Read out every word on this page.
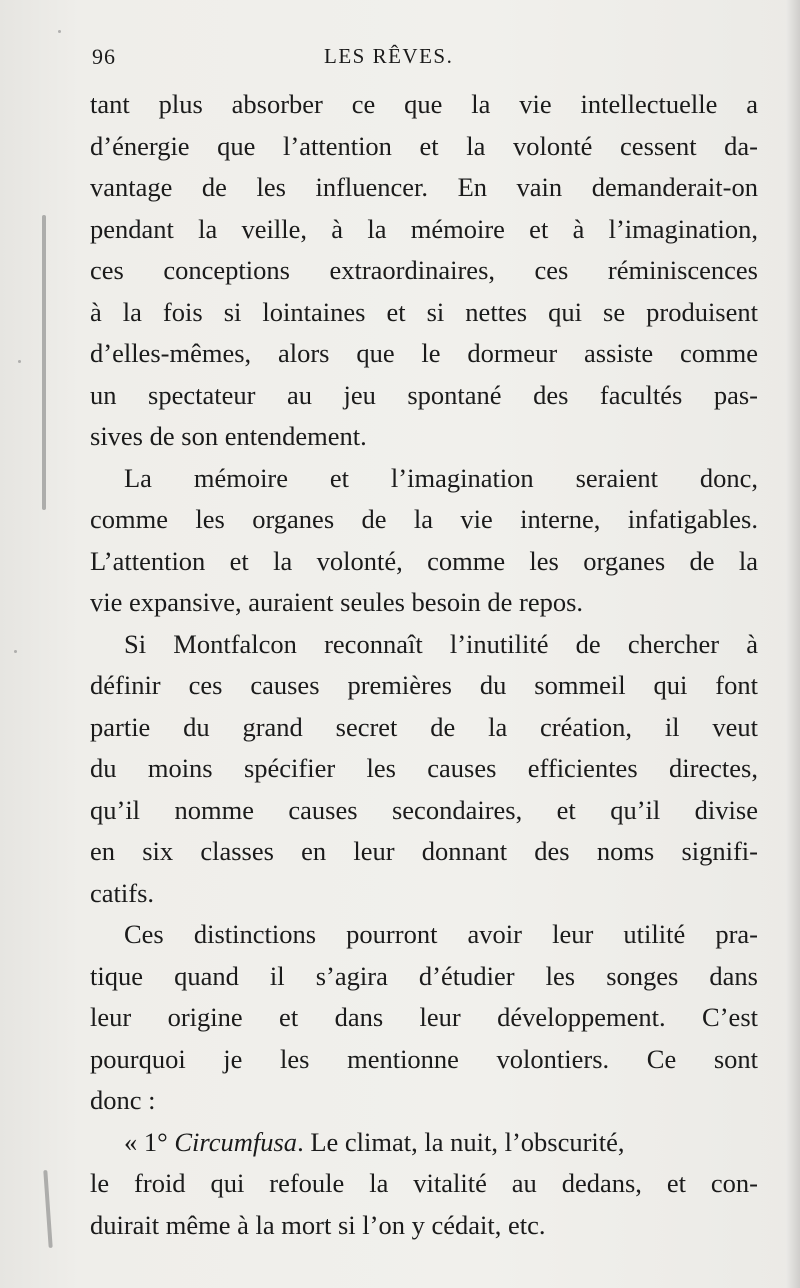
96	LES RÊVES.
tant plus absorber ce que la vie intellectuelle a
d’énergie que l’attention et la volonté cessent da-
vantage de les influencer. En vain demanderait-on
pendant la veille, à la mémoire et à l’imagination,
ces conceptions extraordinaires, ces réminiscences
à la fois si lointaines et si nettes qui se produisent
d’elles-mêmes, alors que le dormeur assiste comme
un spectateur au jeu spontané des facultés pas-
sives de son entendement.
La mémoire et l’imagination seraient donc,
comme les organes de la vie interne, infatigables.
L’attention et la volonté, comme les organes de la
vie expansive, auraient seules besoin de repos.
Si Montfalcon reconnaît l’inutilité de chercher à
définir ces causes premières du sommeil qui font
partie du grand secret de la création, il veut
du moins spécifier les causes efficientes directes,
qu’il nomme causes secondaires, et qu’il divise
en six classes en leur donnant des noms signifi-
catifs.
Ces distinctions pourront avoir leur utilité pra-
tique quand il s’agira d’étudier les songes dans
leur origine et dans leur développement. C’est
pourquoi je les mentionne volontiers. Ce sont
donc :
« 1° Circumfusa. Le climat, la nuit, l’obscurité,
le froid qui refoule la vitalité au dedans, et con-
duirait même à la mort si l’on y cédait, etc.
